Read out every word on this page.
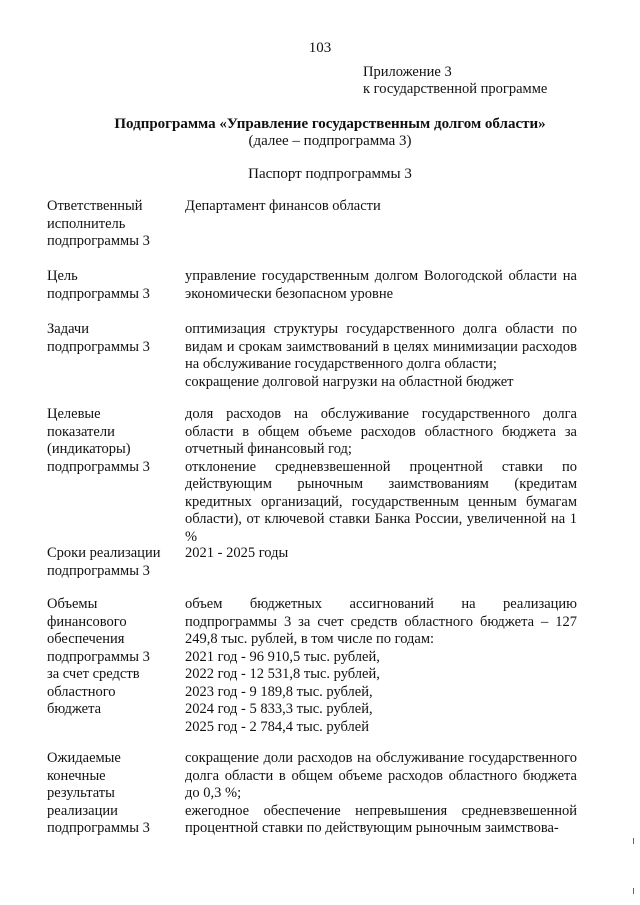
103
Приложение 3
к государственной программе
Подпрограмма «Управление государственным долгом области»
(далее – подпрограмма 3)
Паспорт подпрограммы 3
Ответственный
исполнитель
подпрограммы 3

Департамент финансов области

Цель
подпрограммы 3

управление государственным долгом Вологодской области на экономически безопасном уровне

Задачи
подпрограммы 3

оптимизация структуры государственного долга области по видам и срокам заимствований в целях минимизации расходов на обслуживание государственного долга области;

сокращение долговой нагрузки на областной бюджет

Целевые
показатели
(индикаторы)
подпрограммы 3

доля расходов на обслуживание государственного долга области в общем объеме расходов областного бюджета за отчетный финансовый год;

отклонение средневзвешенной процентной ставки по действующим рыночным заимствованиям (кредитам кредитных организаций, государственным ценным бумагам области), от ключевой ставки Банка России, увеличенной на 1 %

Сроки реализации
подпрограммы 3

2021 - 2025 годы

Объемы
финансового
обеспечения
подпрограммы 3
за счет средств
областного
бюджета

объем бюджетных ассигнований на реализацию подпрограммы 3 за счет средств областного бюджета – 127 249,8 тыс. рублей, в том числе по годам:

2021 год - 96 910,5 тыс. рублей,
2022 год - 12 531,8 тыс. рублей,
2023 год - 9 189,8 тыс. рублей,
2024 год - 5 833,3 тыс. рублей,
2025 год - 2 784,4 тыс. рублей
Ожидаемые
конечные
результаты
реализации
подпрограммы 3

сокращение доли расходов на обслуживание государственного долга области в общем объеме расходов областного бюджета до 0,3 %;

ежегодное обеспечение непревышения средневзвешенной процентной ставки по действующим рыночным заимствова-
